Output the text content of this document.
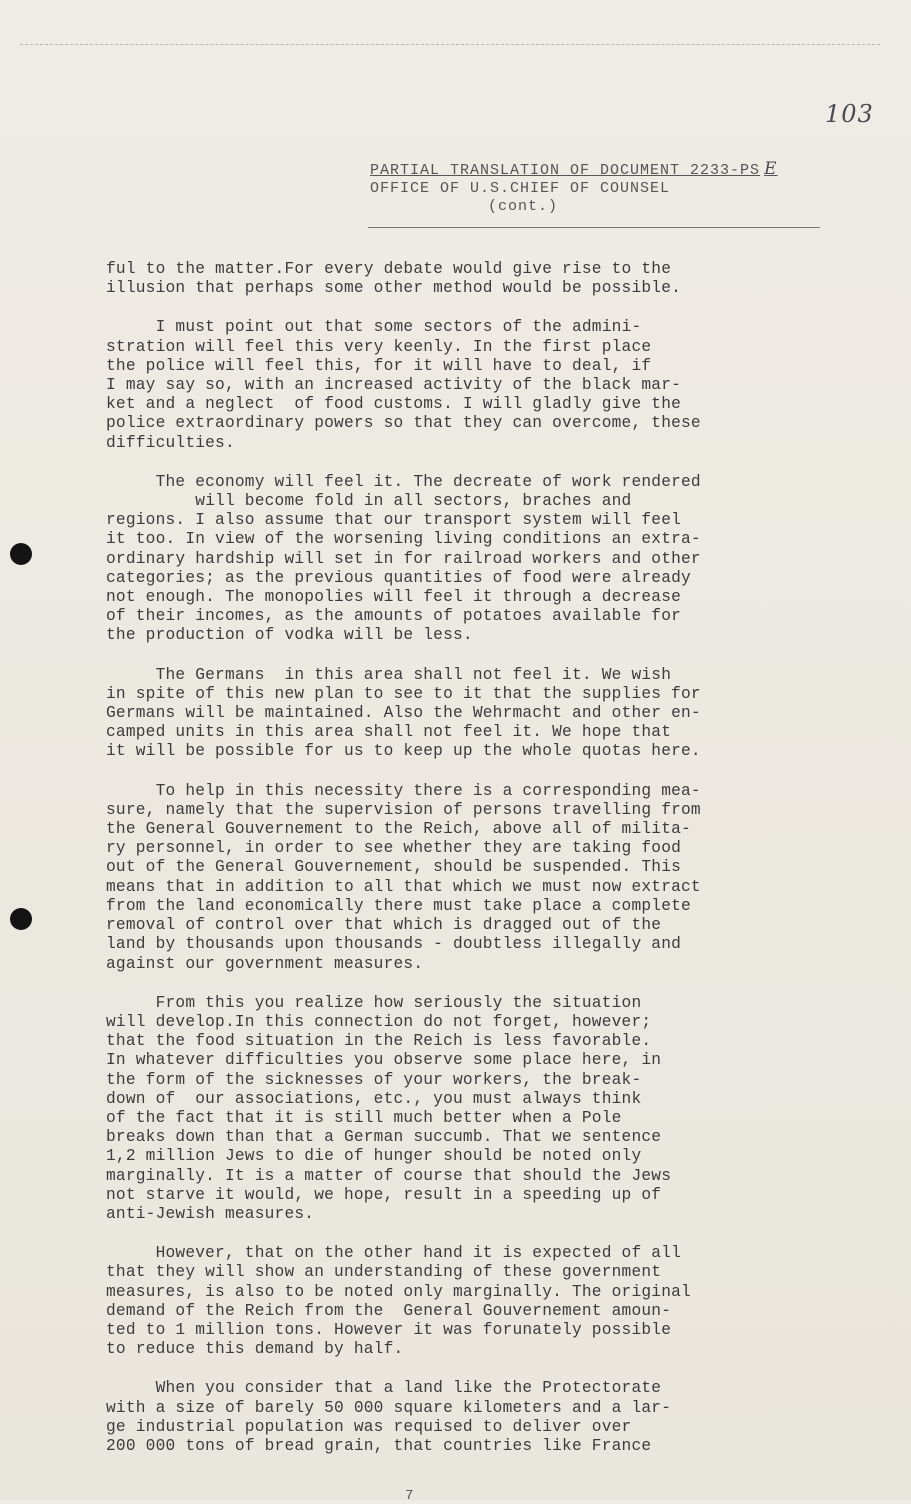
103
PARTIAL TRANSLATION OF DOCUMENT 2233-PS E
OFFICE OF U.S.CHIEF OF COUNSEL
(cont.)

ful to the matter.For every debate would give rise to the
illusion that perhaps some other method would be possible.

I must point out that some sectors of the admini-
stration will feel this very keenly. In the first place
the police will feel this, for it will have to deal, if
I may say so, with an increased activity of the black mar-
ket and a neglect  of food customs. I will gladly give the
police extraordinary powers so that they can overcome, these
difficulties.

The economy will feel it. The decreate of work rendered
will become fold in all sectors, braches and
regions. I also assume that our transport system will feel
it too. In view of the worsening living conditions an extra-
ordinary hardship will set in for railroad workers and other
categories; as the previous quantities of food were already
not enough. The monopolies will feel it through a decrease
of their incomes, as the amounts of potatoes available for
the production of vodka will be less.

The Germans  in this area shall not feel it. We wish
in spite of this new plan to see to it that the supplies for
Germans will be maintained. Also the Wehrmacht and other en-
camped units in this area shall not feel it. We hope that
it will be possible for us to keep up the whole quotas here.

To help in this necessity there is a corresponding mea-
sure, namely that the supervision of persons travelling from
the General Gouvernement to the Reich, above all of milita-
ry personnel, in order to see whether they are taking food
out of the General Gouvernement, should be suspended. This
means that in addition to all that which we must now extract
from the land economically there must take place a complete
removal of control over that which is dragged out of the
land by thousands upon thousands - doubtless illegally and
against our government measures.

From this you realize how seriously the situation
will develop.In this connection do not forget, however;
that the food situation in the Reich is less favorable.
In whatever difficulties you observe some place here, in
the form of the sicknesses of your workers, the break-
down of  our associations, etc., you must always think
of the fact that it is still much better when a Pole
breaks down than that a German succumb. That we sentence
1,2 million Jews to die of hunger should be noted only
marginally. It is a matter of course that should the Jews
not starve it would, we hope, result in a speeding up of
anti-Jewish measures.

However, that on the other hand it is expected of all
that they will show an understanding of these government
measures, is also to be noted only marginally. The original
demand of the Reich from the  General Gouvernement amoun-
ted to 1 million tons. However it was forunately possible
to reduce this demand by half.

When you consider that a land like the Protectorate
with a size of barely 50 000 square kilometers and a lar-
ge industrial population was requised to deliver over
200 000 tons of bread grain, that countries like France

7
